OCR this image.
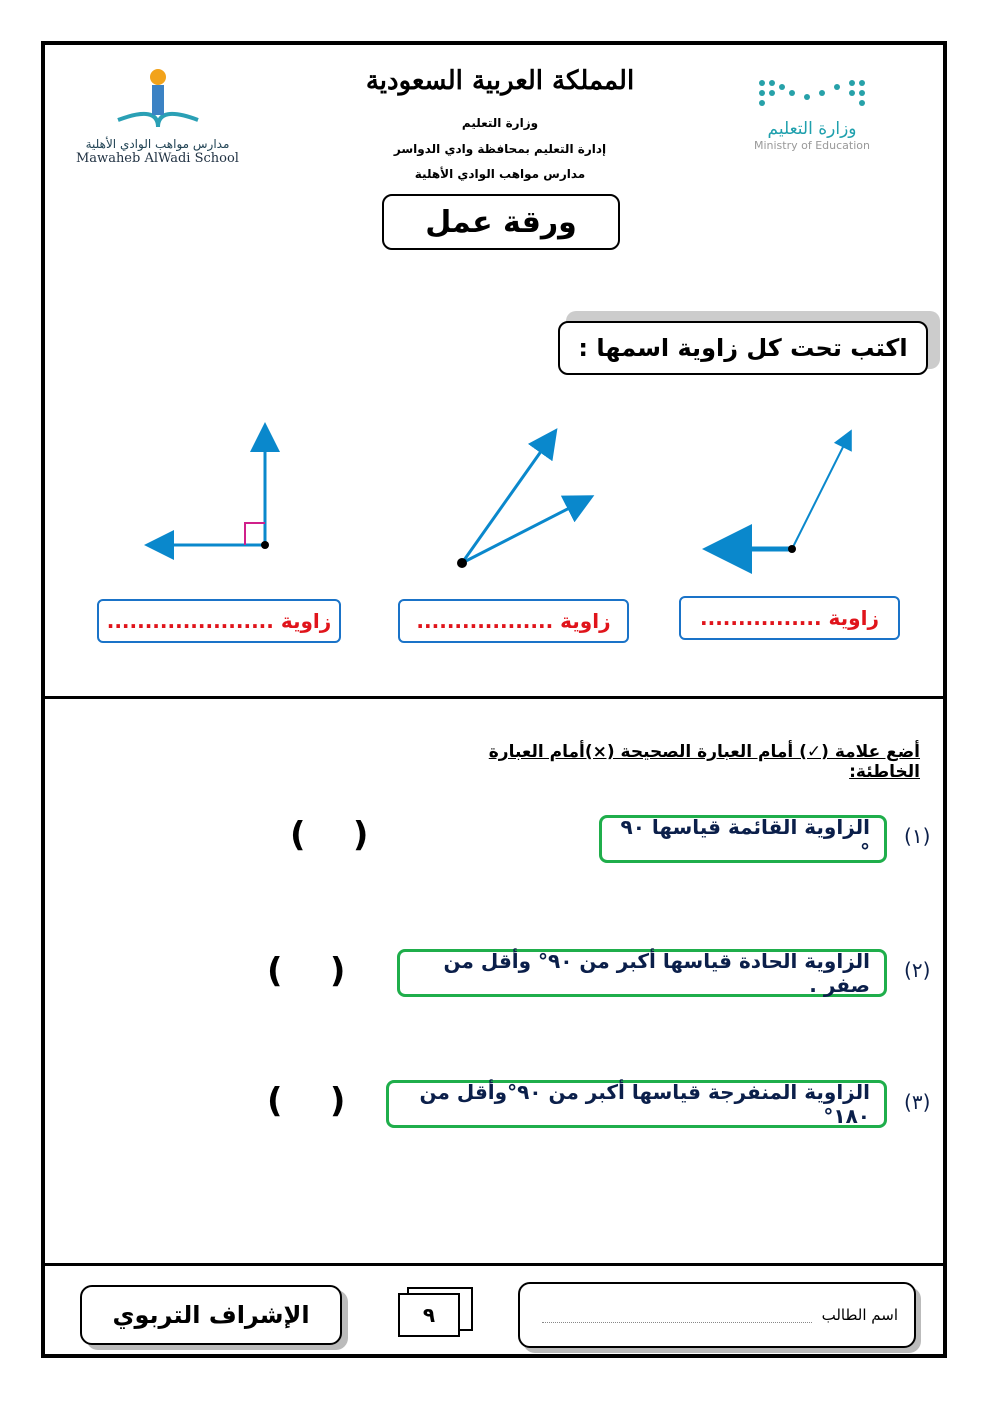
مدارس مواهب الوادي الأهلية
Mawaheb AlWadi School
المملكة العربية السعودية
وزارة التعليم
إدارة التعليم بمحافظة وادي الدواسر
مدارس مواهب الوادي الأهلية
وزارة التعليم
Ministry of Education
ورقة عمل
اكتب تحت كل زاوية اسمها :
زاوية ......................	زاوية ..................	زاوية ................
أضع علامة (✓) أمام العبارة الصحيحة (×)أمام العبارة الخاطئة:
(١)
الزاوية القائمة قياسها ٩٠ °
(    )
(٢)
الزاوية الحادة قياسها أكبر من ٩٠° وأقل من صفر .
(    )
(٣)
الزاوية المنفرجة قياسها أكبر من ٩٠°وأقل من ١٨٠°
(    )
اسم الطالب
٩
الإشراف التربوي
